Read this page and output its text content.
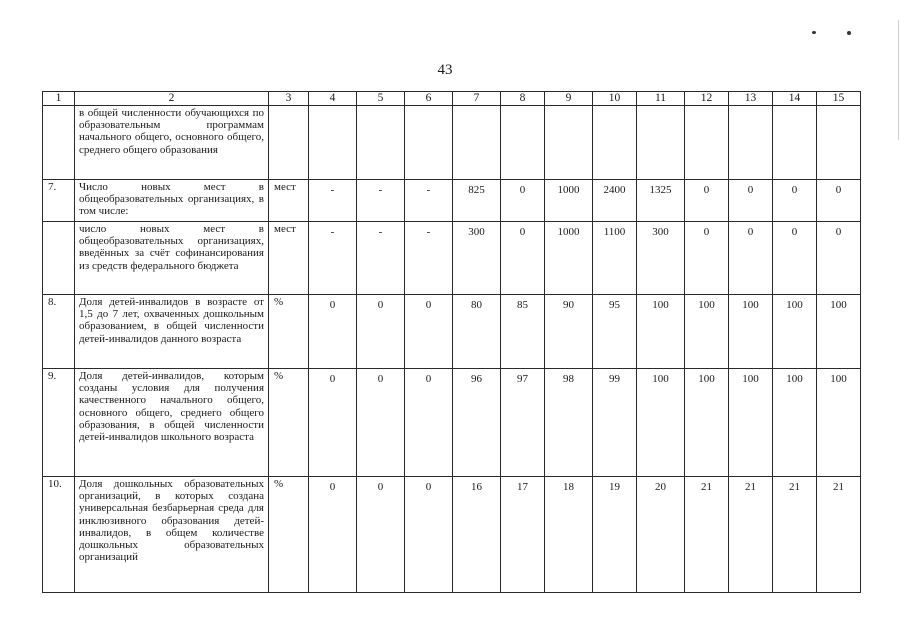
43
1	2	3	4	5	6	7	8	9	10	11	12	13	14	15
	в общей численности обучающихся по образовательным программам начального общего, основного общего, среднего общего образования													
7.	Число новых мест в общеобразовательных организациях, в том числе:	мест	-	-	-	825	0	1000	2400	1325	0	0	0	0
	число новых мест в общеобразовательных организациях, введённых за счёт софинансирования из средств федерального бюджета	мест	-	-	-	300	0	1000	1100	300	0	0	0	0
8.	Доля детей-инвалидов в возрасте от 1,5 до 7 лет, охваченных дошкольным образованием, в общей численности детей-инвалидов данного возраста	%	0	0	0	80	85	90	95	100	100	100	100	100
9.	Доля детей-инвалидов, которым созданы условия для получения качественного начального общего, основного общего, среднего общего образования, в общей численности детей-инвалидов школьного возраста	%	0	0	0	96	97	98	99	100	100	100	100	100
10.	Доля дошкольных образовательных организаций, в которых создана универсальная безбарьерная среда для инклюзивного образования детей-инвалидов, в общем количестве дошкольных образовательных организаций	%	0	0	0	16	17	18	19	20	21	21	21	21
